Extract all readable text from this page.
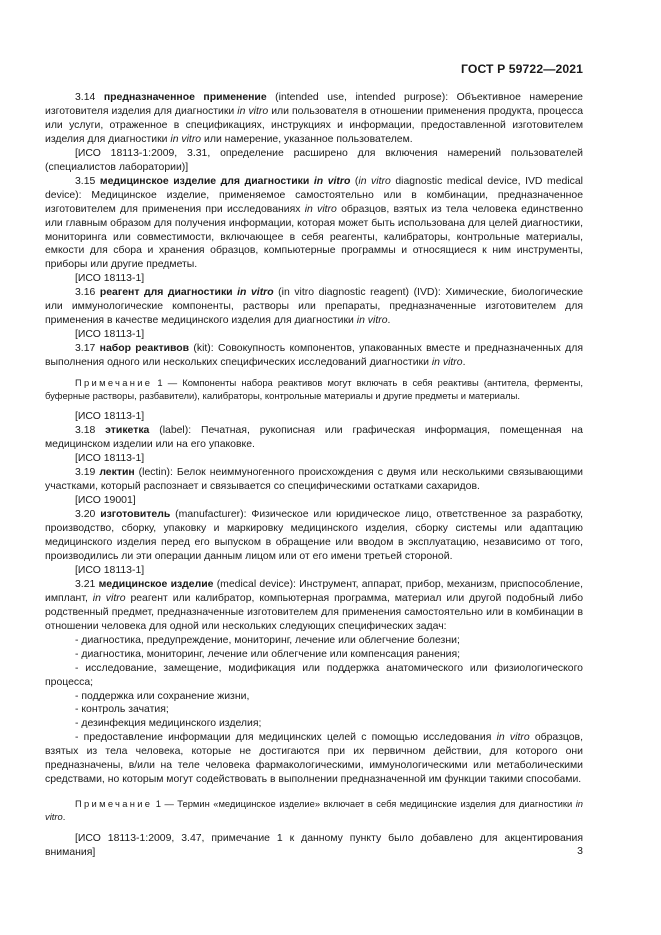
ГОСТ Р 59722—2021

3.14 предназначенное применение (intended use, intended purpose): Объективное намерение изготовителя изделия для диагностики in vitro или пользователя в отношении применения продукта, процесса или услуги, отраженное в спецификациях, инструкциях и информации, предоставленной изготовителем изделия для диагностики in vitro или намерение, указанное пользователем.

[ИСО 18113-1:2009, 3.31, определение расширено для включения намерений пользователей (специалистов лаборатории)]

3.15 медицинское изделие для диагностики in vitro (in vitro diagnostic medical device, IVD medical device): Медицинское изделие, применяемое самостоятельно или в комбинации, предназначенное изготовителем для применения при исследованиях in vitro образцов, взятых из тела человека единственно или главным образом для получения информации, которая может быть использована для целей диагностики, мониторинга или совместимости, включающее в себя реагенты, калибраторы, контрольные материалы, емкости для сбора и хранения образцов, компьютерные программы и относящиеся к ним инструменты, приборы или другие предметы.

[ИСО 18113-1]

3.16 реагент для диагностики in vitro (in vitro diagnostic reagent) (IVD): Химические, биологические или иммунологические компоненты, растворы или препараты, предназначенные изготовителем для применения в качестве медицинского изделия для диагностики in vitro.

[ИСО 18113-1]

3.17 набор реактивов (kit): Совокупность компонентов, упакованных вместе и предназначенных для выполнения одного или нескольких специфических исследований диагностики in vitro.

Примечание 1 — Компоненты набора реактивов могут включать в себя реактивы (антитела, ферменты, буферные растворы, разбавители), калибраторы, контрольные материалы и другие предметы и материалы.

[ИСО 18113-1]

3.18 этикетка (label): Печатная, рукописная или графическая информация, помещенная на медицинском изделии или на его упаковке.

[ИСО 18113-1]

3.19 лектин (lectin): Белок неиммуногенного происхождения с двумя или несколькими связывающими участками, который распознает и связывается со специфическими остатками сахаридов.

[ИСО 19001]

3.20 изготовитель (manufacturer): Физическое или юридическое лицо, ответственное за разработку, производство, сборку, упаковку и маркировку медицинского изделия, сборку системы или адаптацию медицинского изделия перед его выпуском в обращение или вводом в эксплуатацию, независимо от того, производились ли эти операции данным лицом или от его имени третьей стороной.

[ИСО 18113-1]

3.21 медицинское изделие (medical device): Инструмент, аппарат, прибор, механизм, приспособление, имплант, in vitro реагент или калибратор, компьютерная программа, материал или другой подобный либо родственный предмет, предназначенные изготовителем для применения самостоятельно или в комбинации в отношении человека для одной или нескольких следующих специфических задач:

- диагностика, предупреждение, мониторинг, лечение или облегчение болезни;

- диагностика, мониторинг, лечение или облегчение или компенсация ранения;

- исследование, замещение, модификация или поддержка анатомического или физиологического процесса;

- поддержка или сохранение жизни,

- контроль зачатия;

- дезинфекция медицинского изделия;

- предоставление информации для медицинских целей с помощью исследования in vitro образцов, взятых из тела человека, которые не достигаются при их первичном действии, для которого они предназначены, в/или на теле человека фармакологическими, иммунологическими или метаболическими средствами, но которым могут содействовать в выполнении предназначенной им функции такими способами.

Примечание 1 — Термин «медицинское изделие» включает в себя медицинские изделия для диагностики in vitro.

[ИСО 18113-1:2009, 3.47, примечание 1 к данному пункту было добавлено для акцентирования внимания]	3
